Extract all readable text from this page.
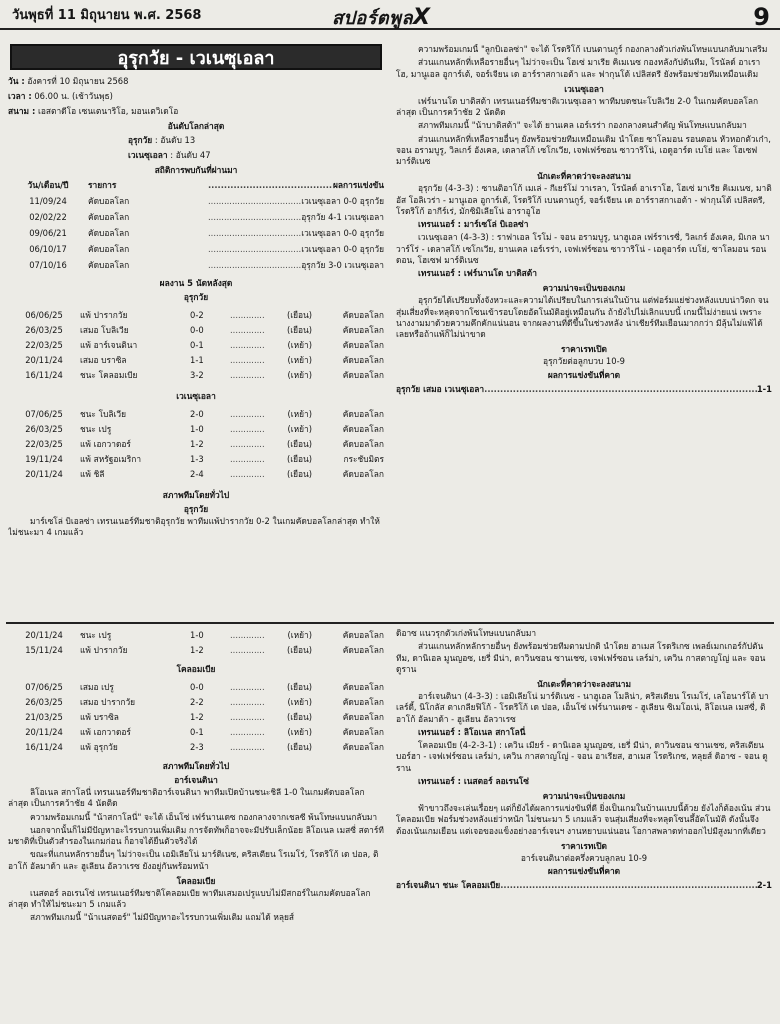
วันพุธที่ 11 มิถุนายน พ.ศ. 2568	สปอร์ตพูลX	9
อุรุกวัย - เวเนซุเอลา
วัน : อังคารที่ 10 มิถุนายน 2568
เวลา : 06.00 น. (เช้าวันพุธ)
สนาม : เอสตาดีโอ เซนเตนาริโอ, มอนเตวิเดโอ
อันดับโลกล่าสุด
อุรุกวัย : อันดับ 13
เวเนซุเอลา : อันดับ 47
สถิติการพบกันที่ผ่านมา
วัน/เดือน/ปี	รายการ .....	ผลการแข่งขัน
11/09/24	คัดบอลโลก .....	เวเนซุเอลา 0-0 อุรุกวัย
02/02/22	คัดบอลโลก .....	อุรุกวัย 4-1 เวเนซุเอลา
09/06/21	คัดบอลโลก .....	เวเนซุเอลา 0-0 อุรุกวัย
06/10/17	คัดบอลโลก .....	เวเนซุเอลา 0-0 อุรุกวัย
07/10/16	คัดบอลโลก .....	อุรุกวัย 3-0 เวเนซุเอลา
ผลงาน 5 นัดหลังสุด
อุรุกวัย
06/06/25	แพ้ ปารากวัย	0-2 .....	(เยือน)	คัดบอลโลก
26/03/25	เสมอ โบลิเวีย	0-0 .....	(เยือน)	คัดบอลโลก
22/03/25	แพ้ อาร์เจนตินา	0-1 .....	(เหย้า)	คัดบอลโลก
20/11/24	เสมอ บราซิล	1-1 .....	(เหย้า)	คัดบอลโลก
16/11/24	ชนะ โคลอมเบีย	3-2 .....	(เหย้า)	คัดบอลโลก
เวเนซุเอลา
07/06/25	ชนะ โบลิเวีย	2-0 .....	(เหย้า)	คัดบอลโลก
26/03/25	ชนะ เปรู	1-0 .....	(เหย้า)	คัดบอลโลก
22/03/25	แพ้ เอกวาดอร์	1-2 .....	(เยือน)	คัดบอลโลก
19/11/24	แพ้ สหรัฐอเมริกา	1-3 .....	(เยือน)	กระชับมิตร
20/11/24	แพ้ ชิลี	2-4 .....	(เยือน)	คัดบอลโลก
สภาพทีมโดยทั่วไป
อุรุกวัย

มาร์เซโล่ บิเอลซ่า เทรนเนอร์ทีมชาติอุรุกวัย พาทีมแพ้ปารากวัย 0-2 ในเกมคัดบอลโลกล่าสุด ทำให้ไม่ชนะมา 4 เกมแล้ว

ความพร้อมเกมนี้ "ลูกบิเอลซ่า" จะได้ โรดริโก้ เบนตานกูร์ กองกลางตัวเก่งพ้นโทษแบนกลับมาเสริม

ส่วนแกนหลักที่เหลือรายอื่นๆ ไม่ว่าจะเป็น โฮเซ่ มาเรีย คิเมเนซ กองหลังกัปตันทีม, โรนัลด์ อาเราโฮ, มานูเอล อูการ์เต้, จอร์เจียน เด อาร์ราสกาเอต้า และ ฟากุนโด้ เปลิสตรี ยังพร้อมช่วยทีมเหมือนเดิม

เวเนซุเอลา

เฟร์นานโด บาติสต้า เทรนเนอร์ทีมชาติเวเนซุเอลา พาทีมบดชนะโบลิเวีย 2-0 ในเกมคัดบอลโลกล่าสุด เป็นการคว้าชัย 2 นัดติด

สภาพทีมเกมนี้ "น้าบาติสต้า" จะได้ ยานเคล เอร์เรร่า กองกลางคนสำคัญ พ้นโทษแบนกลับมา

ส่วนแกนหลักที่เหลือรายอื่นๆ ยังพร้อมช่วยทีมเหมือนเดิม นำโดย ซาโลมอน รอนดอน หัวหอกตัวเก๋า, จอน อรามบูรู, วิลเกร์ อังเคล, เดลาสโก้ เซโกเวีย, เจฟเฟร์ซอน ซาวาริโน่, เอดูอาร์ด เบโย่ และ โฮเซฟ มาร์ติเนซ

นักเตะที่คาดว่าจะลงสนาม

อุรุกวัย (4-3-3) : ซานติอาโก้ เมเล่ - กีเยร์โม่ วาเรลา, โรนัลด์ อาเราโฮ, โฮเซ่ มาเรีย คิเมเนซ, มาติอัส โอลิเวร่า - มานูเอล อูการ์เต้, โรดริโก้ เบนตานกูร์, จอร์เจียน เด อาร์ราสกาเอต้า - ฟากุนโด้ เปลิสตรี, โรดริโก้ อากีร์เร่, มักซิมิเลียโน่ อาราอูโฮ

เทรนเนอร์ : มาร์เซโล่ บิเอลซ่า

เวเนซุเอลา (4-3-3) : ราฟาเอล โรโม่ - จอน อรามบูรู, นาฮูเอล เฟร์ราเรซี่, วิลเกร์ อังเคล, มิเกล นาวาร์โร่ - เดลาสโก้ เซโกเวีย, ยานเคล เอร์เรร่า, เจฟเฟร์ซอน ซาวาริโน่ - เอดูอาร์ด เบโย่, ซาโลมอน รอนดอน, โฮเซฟ มาร์ติเนซ

เทรนเนอร์ : เฟร์นานโด บาติสต้า

ความน่าจะเป็นของเกม

อุรุกวัยได้เปรียบทั้งจังหวะและความได้เปรียบในการเล่นในบ้าน แต่ฟอร์มแย่ช่วงหลังแบบน่าวิตก จนสุ่มเสี่ยงที่จะหลุดจากโซนเข้ารอบโดยอัตโนมัติอยู่เหมือนกัน ถ้ายังไปไม่เลิกแบบนี้ เกมนี้ไม่ง่ายแน่ เพราะนางงามมาด้วยความคึกคักแน่นอน จากผลงานที่ดีขึ้นในช่วงหลัง น่าเชียร์ทีมเยือนมากกว่า มีลุ้นไม่แพ้ได้เลยหรือถ้าแพ้ก็ไม่น่าขาด

ราคาเรทเปิด
อุรุกวัยต่อลูกบวบ 10-9
ผลการแข่งขันที่คาด
อุรุกวัย เสมอ เวเนซุเอลา .....	1-1
20/11/24	ชนะ เปรู	1-0 .....	(เหย้า)	คัดบอลโลก
15/11/24	แพ้ ปารากวัย	1-2 .....	(เยือน)	คัดบอลโลก
โคลอมเบีย
07/06/25	เสมอ เปรู	0-0 .....	(เยือน)	คัดบอลโลก
26/03/25	เสมอ ปารากวัย	2-2 .....	(เหย้า)	คัดบอลโลก
21/03/25	แพ้ บราซิล	1-2 .....	(เยือน)	คัดบอลโลก
20/11/24	แพ้ เอกวาดอร์	0-1 .....	(เหย้า)	คัดบอลโลก
16/11/24	แพ้ อุรุกวัย	2-3 .....	(เยือน)	คัดบอลโลก
สภาพทีมโดยทั่วไป
อาร์เจนตินา

ลิโอเนล สกาโลนี่ เทรนเนอร์ทีมชาติอาร์เจนตินา พาทีมเปิดบ้านชนะชิลี 1-0 ในเกมคัดบอลโลกล่าสุด เป็นการคว้าชัย 4 นัดติด

ความพร้อมเกมนี้ "น้าสกาโลนี่" จะได้ เอ็นโซ่ เฟร์นานเดซ กองกลางจากเชลซี พ้นโทษแบนกลับมา

นอกจากนั้นก็ไม่มีปัญหาอะไรรบกวนเพิ่มเติม การจัดทัพก็อาจจะมีปรับเล็กน้อย ลิโอเนล เมสซี่ สตาร์ทีมชาติที่เป็นตัวสำรองในเกมก่อน ก็อาจได้ยืนตัวจริงได้

ขณะที่แกนหลักรายอื่นๆ ไม่ว่าจะเป็น เอมิเลียโน่ มาร์ติเนซ, คริสเตียน โรเมโร่, โรดริโก้ เด ปอล, ติอาโก้ อัลมาด้า และ ฮูเลียน อัลวาเรซ ยังอยู่กันพร้อมหน้า

โคลอมเบีย

เนสตอร์ ลอเรนโซ่ เทรนเนอร์ทีมชาติโคลอมเบีย พาทีมเสมอเปรูแบบไม่มีสกอร์ในเกมคัดบอลโลกล่าสุด ทำให้ไม่ชนะมา 5 เกมแล้ว

สภาพทีมเกมนี้ "น้าเนสตอร์" ไม่มีปัญหาอะไรรบกวนเพิ่มเติม แถมได้ หลุยส์

ดิอาซ แนวรุกตัวเก่งพ้นโทษแบนกลับมา

ส่วนแกนหลักหลักรายอื่นๆ ยังพร้อมช่วยทีมตามปกติ นำโดย ฮาเมส โรดริเกซ เพลย์เมกเกอร์กัปตันทีม, ดานิเอล มูนญอซ, เยรี่ มีน่า, ดาวินซอน ซานเชซ, เจฟเฟร์ซอน เลร์ม่า, เควิน กาสตาญโญ่ และ จอน ดูราน

นักเตะที่คาดว่าจะลงสนาม

อาร์เจนตินา (4-3-3) : เอมิเลียโน่ มาร์ติเนซ - นาฮูเอล โมลิน่า, คริสเตียน โรเมโร่, เลโอนาร์โด้ บาเลร์ดี้, นิโกลัส ตาเกลียฟิโก้ - โรดริโก้ เด ปอล, เอ็นโซ่ เฟร์นานเดซ - ฮูเลียน ซิเมโอเน่, ลิโอเนล เมสซี่, ติอาโก้ อัลมาด้า - ฮูเลียน อัลวาเรซ

เทรนเนอร์ : ลิโอเนล สกาโลนี่

โคลอมเบีย (4-2-3-1) : เควิน เมียร์ - ดานิเอล มูนญอซ, เยรี่ มีน่า, ดาวินซอน ซานเชซ, คริสเตียน บอร์ฮา - เจฟเฟร์ซอน เลร์ม่า, เควิน กาสตาญโญ่ - จอน อาเรียส, ฮาเมส โรดริเกซ, หลุยส์ ดิอาซ - จอน ดูราน

เทรนเนอร์ : เนสตอร์ ลอเรนโซ่

ความน่าจะเป็นของเกม

ฟ้าขาวถึงจะเล่นเรื่อยๆ แต่ก็ยังได้ผลการแข่งขันที่ดี ยิ่งเป็นเกมในบ้านแบบนี้ด้วย ยังไงก็ต้องเน้น ส่วนโคลอมเบีย ฟอร์มช่วงหลังแย่ว่าหนัก ไม่ชนะมา 5 เกมแล้ว จนสุ่มเสี่ยงที่จะหลุดโซนลึ้อัตโนมัติ ดังนั้นจึงต้องเน้นเกมเยือน แต่เจอของแข็งอย่างอาร์เจนฯ งานหยาบแน่นอน โอกาสพลาดท่าออกไปมีสูงมากที่เดียว

ราคาเรทเปิด
อาร์เจนตินาต่อครึ่งควบลูกลบ 10-9
ผลการแข่งขันที่คาด
อาร์เจนตินา ชนะ โคลอมเบีย .....	2-1
